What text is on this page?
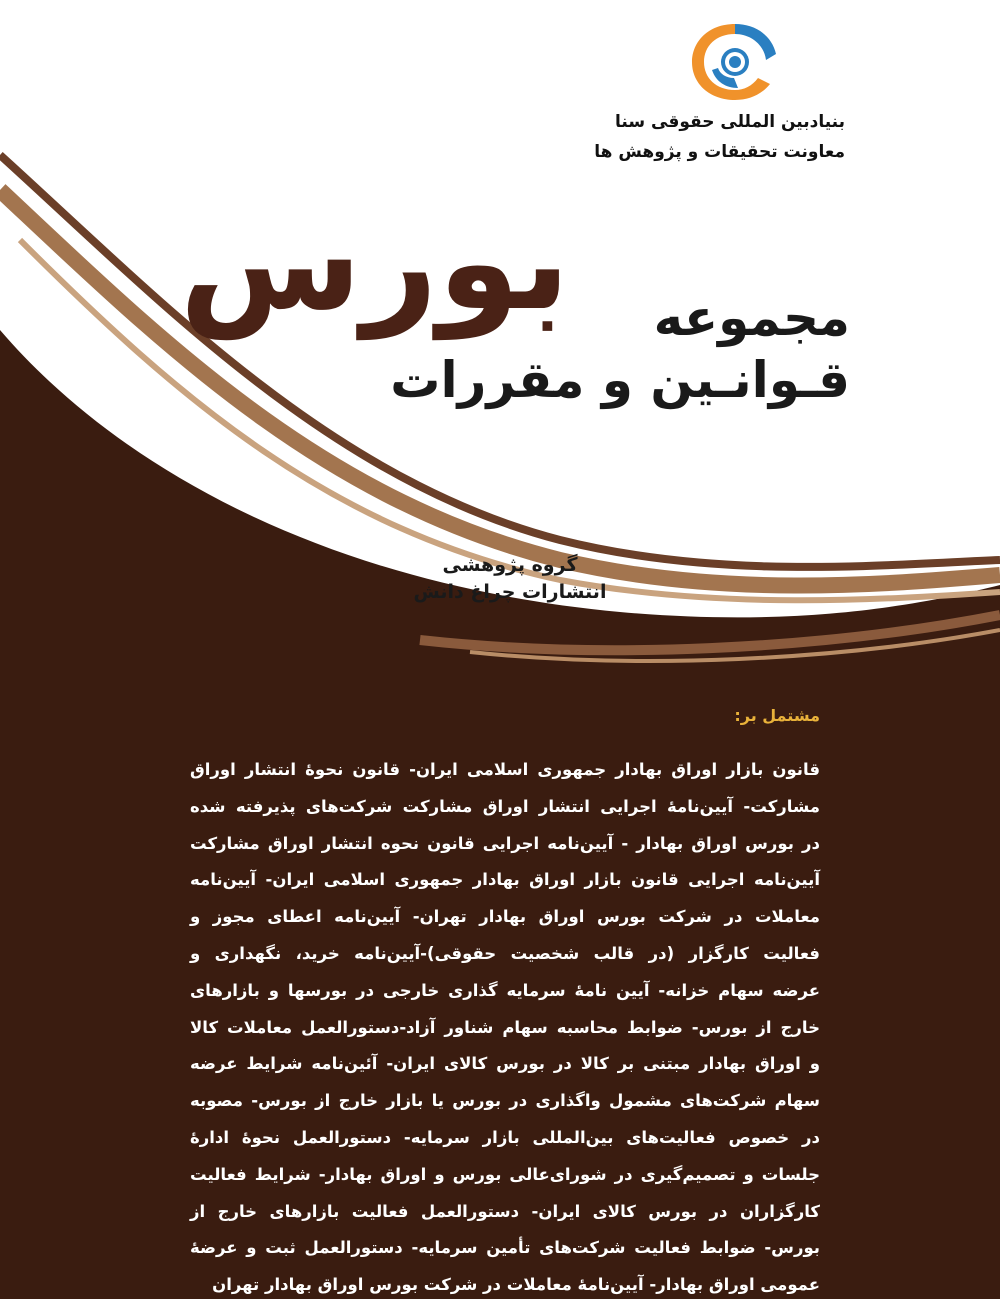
بنیادبین المللی حقوقی سنا
معاونت تحقیقات و پژوهش ها
بورس مجموعه
قـوانـین و مقررات
گروه پژوهشی
انتشارات چراغ دانش
مشتمل بر:
قانون بازار اوراق بهادار جمهوری اسلامی ایران- قانون نحوهٔ انتشار اوراق
مشارکت- آیین‌نامهٔ اجرایی انتشار اوراق مشارکت شرکت‌های پذیرفته شده
در بورس اوراق بهادار - آیین‌نامه اجرایی قانون نحوه انتشار اوراق مشارکت
آیین‌نامه اجرایی قانون بازار اوراق بهادار جمهوری اسلامی ایران- آیین‌نامه
معاملات در شرکت بورس اوراق بهادار تهران- آیین‌نامه اعطای مجوز و
فعالیت کارگزار (در قالب شخصیت حقوقی)-آیین‌نامه خرید، نگهداری و
عرضه سهام خزانه- آیین نامهٔ سرمایه گذاری خارجی در بورسها و بازارهای
خارج از بورس- ضوابط محاسبه سهام شناور آزاد-دستورالعمل معاملات کالا
و اوراق بهادار مبتنی بر کالا در بورس کالای ایران- آئین‌نامه شرایط عرضه
سهام شرکت‌های مشمول واگذاری در بورس یا بازار خارج از بورس- مصوبه
در خصوص فعالیت‌های بین‌المللی بازار سرمایه- دستورالعمل نحوهٔ ادارهٔ
جلسات و تصمیم‌گیری در شورای‌عالی بورس و اوراق بهادار- شرایط فعالیت
کارگزاران در بورس کالای ایران- دستورالعمل فعالیت بازارهای خارج از
بورس- ضوابط فعالیت شرکت‌های تأمین سرمایه- دستورالعمل ثبت و عرضهٔ
عمومی اوراق بهادار- آیین‌نامهٔ معاملات در شرکت بورس اوراق بهادار تهران
